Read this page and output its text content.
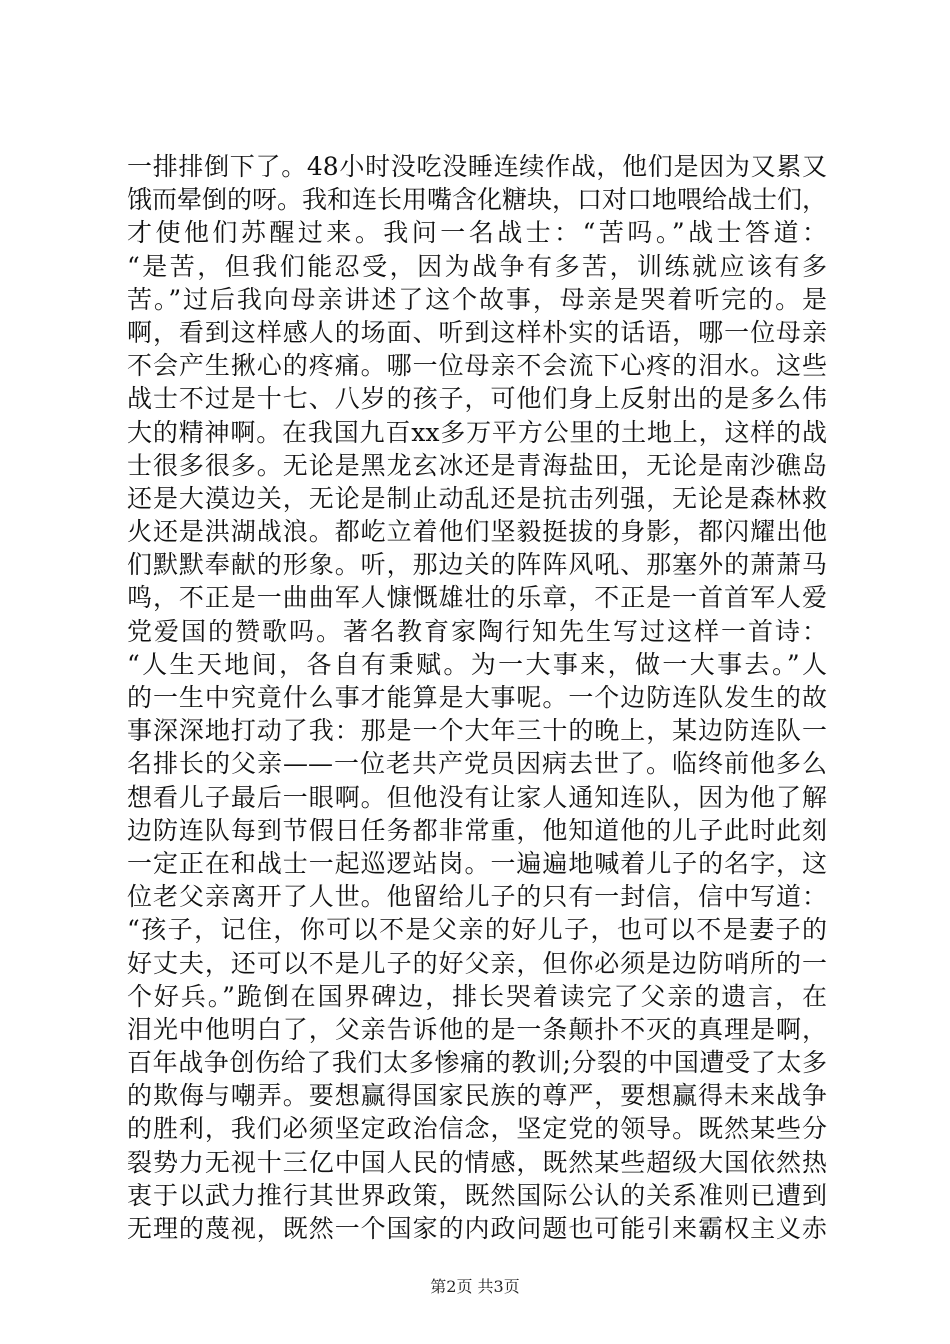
一排排倒下了。48小时没吃没睡连续作战，他们是因为又累又
饿而晕倒的呀。我和连长用嘴含化糖块，口对口地喂给战士们，
才使他们苏醒过来。我问一名战士：“苦吗。”战士答道：
“是苦，但我们能忍受，因为战争有多苦，训练就应该有多
苦。”过后我向母亲讲述了这个故事，母亲是哭着听完的。是
啊，看到这样感人的场面、听到这样朴实的话语，哪一位母亲
不会产生揪心的疼痛。哪一位母亲不会流下心疼的泪水。这些
战士不过是十七、八岁的孩子，可他们身上反射出的是多么伟
大的精神啊。在我国九百xx多万平方公里的土地上，这样的战
士很多很多。无论是黑龙玄冰还是青海盐田，无论是南沙礁岛
还是大漠边关，无论是制止动乱还是抗击列强，无论是森林救
火还是洪湖战浪。都屹立着他们坚毅挺拔的身影，都闪耀出他
们默默奉献的形象。听，那边关的阵阵风吼、那塞外的萧萧马
鸣，不正是一曲曲军人慷慨雄壮的乐章，不正是一首首军人爱
党爱国的赞歌吗。著名教育家陶行知先生写过这样一首诗：
“人生天地间，各自有秉赋。为一大事来，做一大事去。”人
的一生中究竟什么事才能算是大事呢。一个边防连队发生的故
事深深地打动了我：那是一个大年三十的晚上，某边防连队一
名排长的父亲——一位老共产党员因病去世了。临终前他多么
想看儿子最后一眼啊。但他没有让家人通知连队，因为他了解
边防连队每到节假日任务都非常重，他知道他的儿子此时此刻
一定正在和战士一起巡逻站岗。一遍遍地喊着儿子的名字，这
位老父亲离开了人世。他留给儿子的只有一封信，信中写道：
“孩子，记住，你可以不是父亲的好儿子，也可以不是妻子的
好丈夫，还可以不是儿子的好父亲，但你必须是边防哨所的一
个好兵。”跪倒在国界碑边，排长哭着读完了父亲的遗言，在
泪光中他明白了，父亲告诉他的是一条颠扑不灭的真理是啊，
百年战争创伤给了我们太多惨痛的教训;分裂的中国遭受了太多
的欺侮与嘲弄。要想赢得国家民族的尊严，要想赢得未来战争
的胜利，我们必须坚定政治信念，坚定党的领导。既然某些分
裂势力无视十三亿中国人民的情感，既然某些超级大国依然热
衷于以武力推行其世界政策，既然国际公认的关系准则已遭到
无理的蔑视，既然一个国家的内政问题也可能引来霸权主义赤
第2页 共3页
